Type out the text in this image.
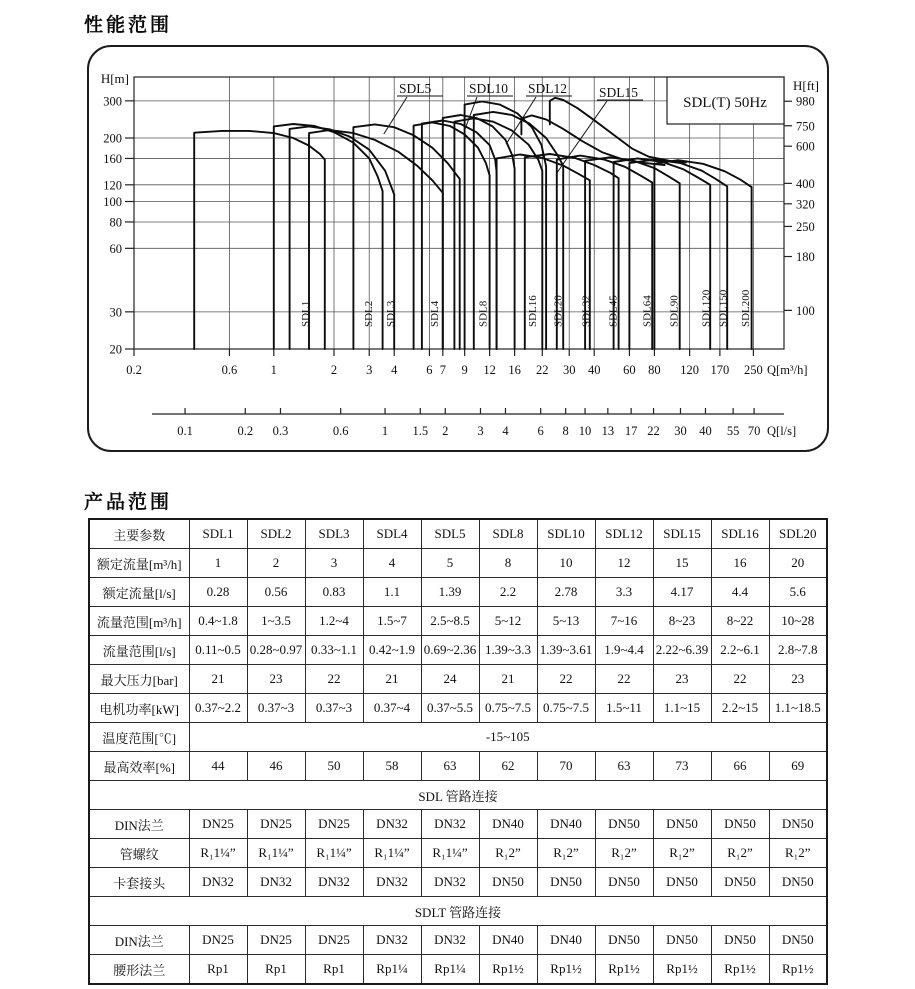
性能范围
H[m]
300
200
160
120
100
80
60
30
20
H[ft]
980
750
600
400
320
250
180
100
0.2	0.6	1	2 3 4 6 7 9 12 16 22 30 40 60 80 120 170 250 Q[m³/h]
0.1	0.2 0.3	0.6	1 1.5 2 3 4 6 8 10 13 17 22 30 40 55 70 Q[l/s]
SDL(T) 50Hz
SDL5	SDL10 SDL12 SDL15
SDL1	SDL2 SDL3	SDL4	SDL8	SDL16 SDL20 SDL32 SDL45 SDL64 SDL90 SDL120 SDL150 SDL200
产品范围
主要参数	SDL1	SDL2	SDL3	SDL4	SDL5	SDL8	SDL10	SDL12	SDL15	SDL16	SDL20
额定流量[m³/h]	1	2	3	4	5	8	10	12	15	16	20
额定流量[l/s]	0.28	0.56	0.83	1.1	1.39	2.2	2.78	3.3	4.17	4.4	5.6
流量范围[m³/h]	0.4~1.8	1~3.5	1.2~4	1.5~7	2.5~8.5	5~12	5~13	7~16	8~23	8~22	10~28
流量范围[l/s]	0.11~0.5	0.28~0.97	0.33~1.1	0.42~1.9	0.69~2.36	1.39~3.3	1.39~3.61	1.9~4.4	2.22~6.39	2.2~6.1	2.8~7.8
最大压力[bar]	21	23	22	21	24	21	22	22	23	22	23
电机功率[kW]	0.37~2.2	0.37~3	0.37~3	0.37~4	0.37~5.5	0.75~7.5	0.75~7.5	1.5~11	1.1~15	2.2~15	1.1~18.5
温度范围[℃]	-15~105										
最高效率[%]	44	46	50	58	63	62	70	63	73	66	69
SDL 管路连接											
DIN法兰	DN25	DN25	DN25	DN32	DN32	DN40	DN40	DN50	DN50	DN50	DN50
管螺纹	R₁1¼”	R₁1¼”	R₁1¼”	R₁1¼”	R₁1¼”	R₁2”	R₁2”	R₁2”	R₁2”	R₁2”	R₁2”
卡套接头	DN32	DN32	DN32	DN32	DN32	DN50	DN50	DN50	DN50	DN50	DN50
SDLT 管路连接											
DIN法兰	DN25	DN25	DN25	DN32	DN32	DN40	DN40	DN50	DN50	DN50	DN50
腰形法兰	Rp1	Rp1	Rp1	Rp1¼	Rp1¼	Rp1½	Rp1½	Rp1½	Rp1½	Rp1½	Rp1½
